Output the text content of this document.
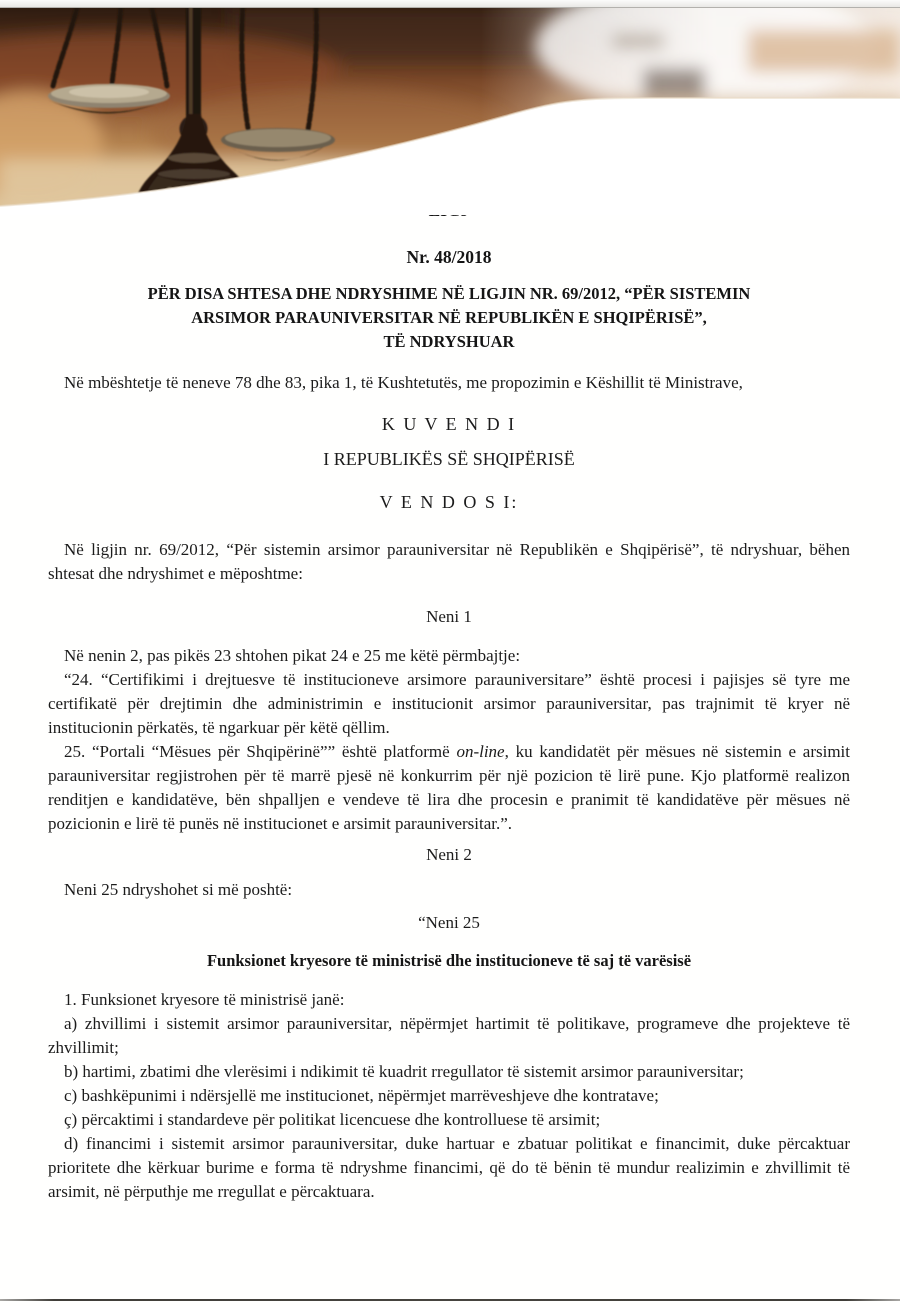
Nr. 48/2018
PËR DISA SHTESA DHE NDRYSHIME NË LIGJIN NR. 69/2012, “PËR SISTEMIN
ARSIMOR PARAUNIVERSITAR NË REPUBLIKËN E SHQIPËRISË”,
TË NDRYSHUAR

Në mbështetje të neneve 78 dhe 83, pika 1, të Kushtetutës, me propozimin e Këshillit të Ministrave,

K U V E N D I
I REPUBLIKËS SË SHQIPËRISË
V E N D O S I:

Në ligjin nr. 69/2012, “Për sistemin arsimor parauniversitar në Republikën e Shqipërisë”, të ndryshuar, bëhen shtesat dhe ndryshimet e mëposhtme:

Neni 1

Në nenin 2, pas pikës 23 shtohen pikat 24 e 25 me këtë përmbajtje:

“24. “Certifikimi i drejtuesve të institucioneve arsimore parauniversitare” është procesi i pajisjes së tyre me certifikatë për drejtimin dhe administrimin e institucionit arsimor parauniversitar, pas trajnimit të kryer në institucionin përkatës, të ngarkuar për këtë qëllim.

25. “Portali “Mësues për Shqipërinë”” është platformë on-line, ku kandidatët për mësues në sistemin e arsimit parauniversitar regjistrohen për të marrë pjesë në konkurrim për një pozicion të lirë pune. Kjo platformë realizon renditjen e kandidatëve, bën shpalljen e vendeve të lira dhe procesin e pranimit të kandidatëve për mësues në pozicionin e lirë të punës në institucionet e arsimit parauniversitar.”.

Neni 2

Neni 25 ndryshohet si më poshtë:

“Neni 25
Funksionet kryesore të ministrisë dhe institucioneve të saj të varësisë

1. Funksionet kryesore të ministrisë janë:

a) zhvillimi i sistemit arsimor parauniversitar, nëpërmjet hartimit të politikave, programeve dhe projekteve të zhvillimit;

b) hartimi, zbatimi dhe vlerësimi i ndikimit të kuadrit rregullator të sistemit arsimor parauniversitar;

c) bashkëpunimi i ndërsjellë me institucionet, nëpërmjet marrëveshjeve dhe kontratave;

ç) përcaktimi i standardeve për politikat licencuese dhe kontrolluese të arsimit;

d) financimi i sistemit arsimor parauniversitar, duke hartuar e zbatuar politikat e financimit, duke përcaktuar prioritete dhe kërkuar burime e forma të ndryshme financimi, që do të bënin të mundur realizimin e zhvillimit të arsimit, në përputhje me rregullat e përcaktuara.
